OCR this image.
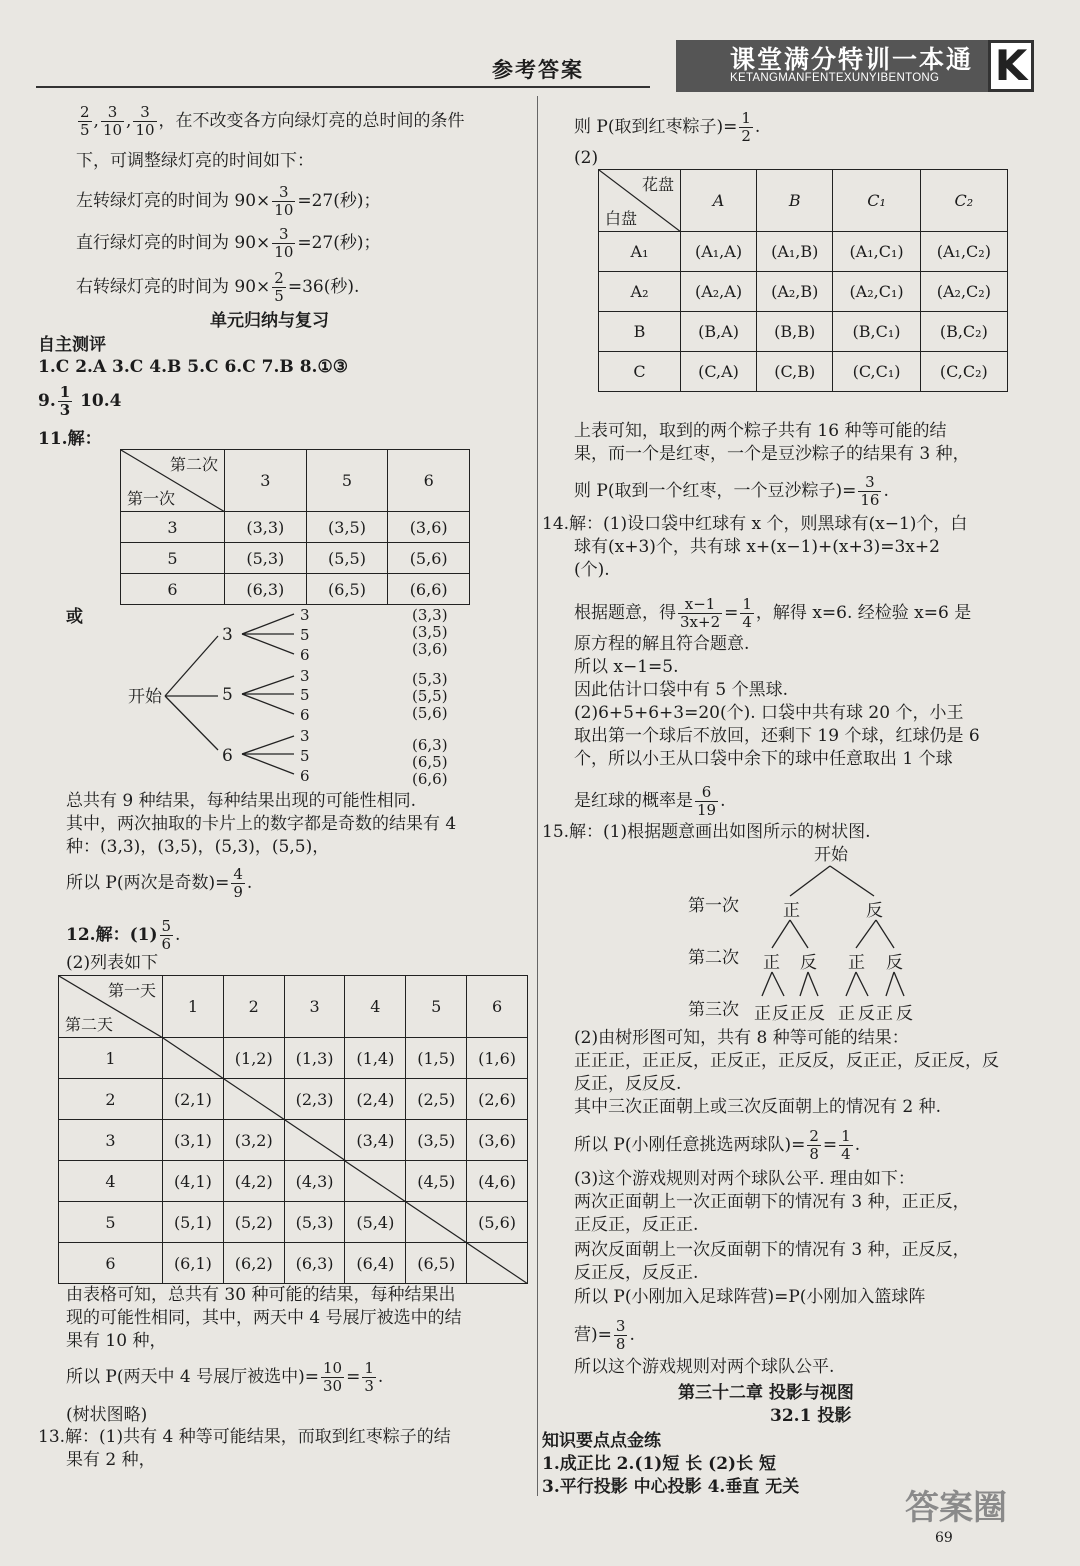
参考答案	课堂满分特训一本通
KETANGMANFENTEXUNYIBENTONG K
$\frac{2}{5}$ , $\frac{3}{10}$ , $\frac{3}{10}$ ，在不改变各方向绿灯亮的总时间的条件
下，可调整绿灯亮的时间如下：
左转绿灯亮的时间为 $90\times \frac{3}{10} =27$(秒)；
直行绿灯亮的时间为 $90\times \frac{3}{10} =27$(秒)；
右转绿灯亮的时间为 $90\times \frac{2}{5} =36$(秒).
单元归纳与复习
自主测评
1.C 2.A 3.C 4.B 5.C 6.C 7.B 8.①③
9. $\frac{1}{3} 10.4$
11.解：
第二次
第一次	3	5	6
3	(3,3)	(3,5)	(3,6)
5	(5,3)	(5,5)	(5,6)
6	(6,3)	(6,5)	(6,6)
或
开始
3
5
6
3
5
6
3
5
6
3
5
6
(3,3)
(3,5)
(3,6)
(5,3)
(5,5)
(5,6)
(6,3)
(6,5)
(6,6)
总共有 9 种结果，每种结果出现的可能性相同.
其中，两次抽取的卡片上的数字都是奇数的结果有 4
种：(3,3)，(3,5)，(5,3)，(5,5)，
所以 P(两次是奇数)= $\frac{4}{9}$ .
12.解：$(1) \frac{5}{6}$ .
(2)列表如下
第一天
第二天	1	2	3	4	5	6
1		(1,2)	(1,3)	(1,4)	(1,5)	(1,6)
2	(2,1)		(2,3)	(2,4)	(2,5)	(2,6)
3	(3,1)	(3,2)		(3,4)	(3,5)	(3,6)
4	(4,1)	(4,2)	(4,3)		(4,5)	(4,6)
5	(5,1)	(5,2)	(5,3)	(5,4)		(5,6)
6	(6,1)	(6,2)	(6,3)	(6,4)	(6,5)	
由表格可知，总共有 30 种可能的结果，每种结果出
现的可能性相同，其中，两天中 4 号展厅被选中的结
果有 10 种，
所以 P(两天中 4 号展厅被选中)= $\frac{10}{30} = \frac{1}{3}$ .
(树状图略)
13.解：(1)共有 4 种等可能结果，而取到红枣粽子的结
果有 2 种，
则 P(取到红枣粽子)= $\frac{1}{2}$ .
(2)
花盘
白盘	A	B	C₁	C₂
A₁	(A₁,A)	(A₁,B)	(A₁,C₁)	(A₁,C₂)
A₂	(A₂,A)	(A₂,B)	(A₂,C₁)	(A₂,C₂)
B	(B,A)	(B,B)	(B,C₁)	(B,C₂)
C	(C,A)	(C,B)	(C,C₁)	(C,C₂)
上表可知，取到的两个粽子共有 16 种等可能的结
果，而一个是红枣，一个是豆沙粽子的结果有 3 种，
则 P(取到一个红枣，一个豆沙粽子)= $\frac{3}{16}$ .
14.解：(1)设口袋中红球有 x 个，则黑球有(x−1)个，白
球有(x+3)个，共有球 x+(x−1)+(x+3)=3x+2
(个).
根据题意，得 $\frac{x-1}{3x+2} = \frac{1}{4}$ ，解得 x=6. 经检验 x=6 是
原方程的解且符合题意.
所以 x−1=5.
因此估计口袋中有 5 个黑球.
(2)6+5+6+3=20(个). 口袋中共有球 20 个，小王
取出第一个球后不放回，还剩下 19 个球，红球仍是 6
个，所以小王从口袋中余下的球中任意取出 1 个球
是红球的概率是 $\frac{6}{19}$ .
15.解：(1)根据题意画出如图所示的树状图.
开始
第一次
第二次
第三次
正	反
正 反 正 反
正 反 正 反 正 反 正 反
(2)由树形图可知，共有 8 种等可能的结果：
正正正，正正反，正反正，正反反，反正正，反正反，反
反正，反反反.
其中三次正面朝上或三次反面朝上的情况有 2 种.
所以 P(小刚任意挑选两球队)= $\frac{2}{8} = \frac{1}{4}$ .
(3)这个游戏规则对两个球队公平. 理由如下：
两次正面朝上一次正面朝下的情况有 3 种，正正反，
正反正，反正正.
两次反面朝上一次反面朝下的情况有 3 种，正反反，
反正反，反反正.
所以 P(小刚加入足球阵营)=P(小刚加入篮球阵
营)= $\frac{3}{8}$ .
所以这个游戏规则对两个球队公平.
第三十二章 投影与视图
32.1 投影
知识要点点金练
1.成正比 2.(1)短 长 (2)长 短
3.平行投影 中心投影 4.垂直 无关
69
答案圈
